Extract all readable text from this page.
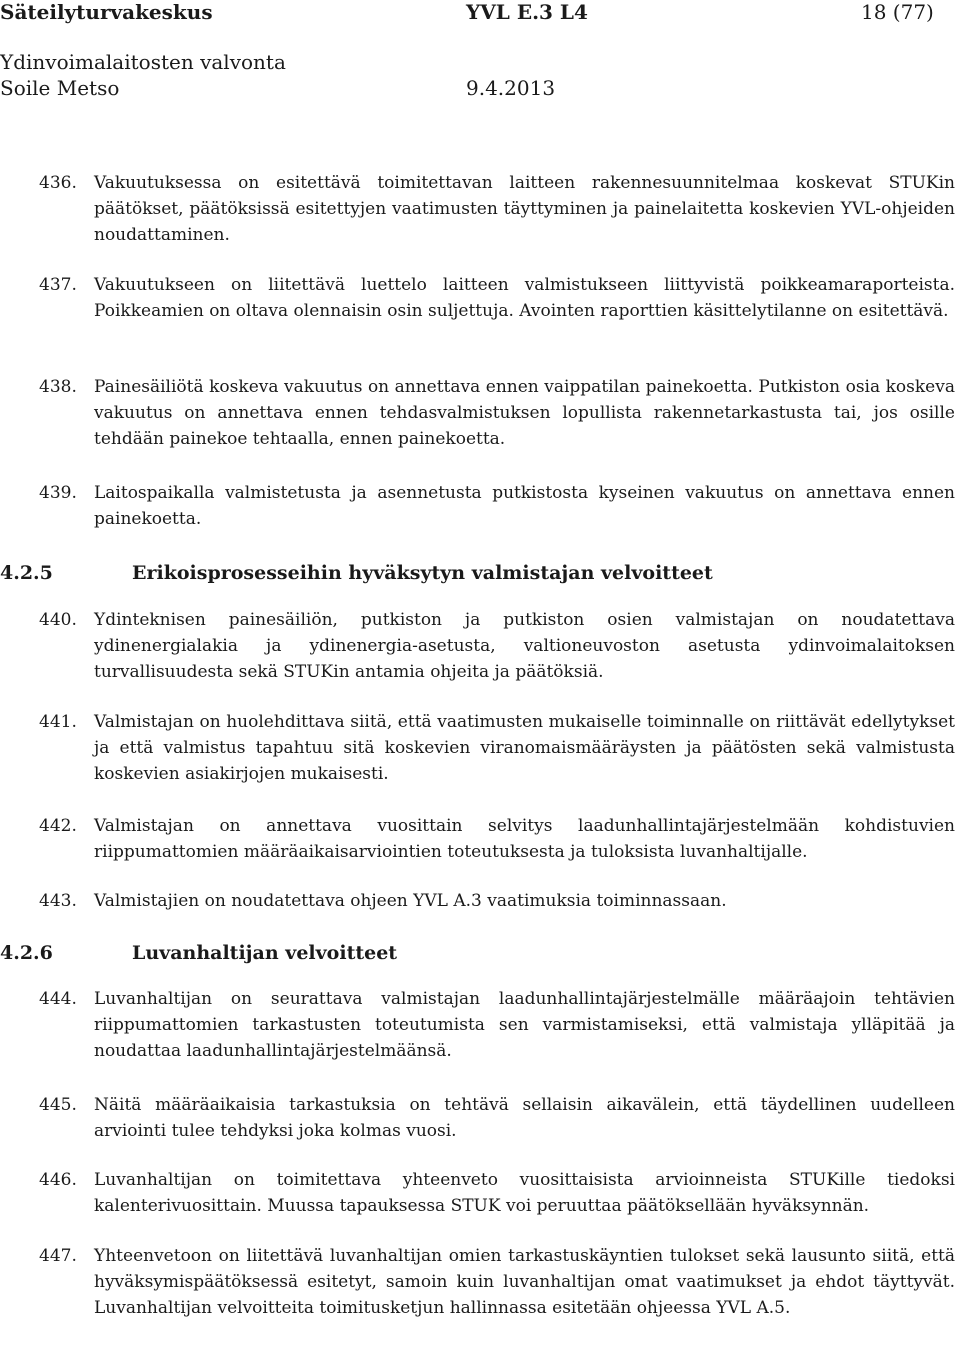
Säteilyturvakeskus	YVL E.3 L4	18 (77)
Ydinvoimalaitosten valvonta
Soile Metso	9.4.2013
436. Vakuutuksessa on esitettävä toimitettavan laitteen rakennesuunnitelmaa koskevat STUKin päätökset, päätöksissä esitettyjen vaatimusten täyttyminen ja painelaitetta koskevien YVL-ohjeiden noudattaminen.
437. Vakuutukseen on liitettävä luettelo laitteen valmistukseen liittyvistä poikkeamaraporteista. Poikkeamien on oltava olennaisin osin suljettuja. Avointen raporttien käsittelytilanne on esitettävä.
438. Painesäiliötä koskeva vakuutus on annettava ennen vaippatilan painekoetta. Putkiston osia koskeva vakuutus on annettava ennen tehdasvalmistuksen lopullista rakennetarkastusta tai, jos osille tehdään painekoe tehtaalla, ennen painekoetta.
439. Laitospaikalla valmistetusta ja asennetusta putkistosta kyseinen vakuutus on annettava ennen painekoetta.
4.2.5	Erikoisprosesseihin hyväksytyn valmistajan velvoitteet
440. Ydinteknisen painesäiliön, putkiston ja putkiston osien valmistajan on noudatettava ydinenergialakia ja ydinenergia-asetusta, valtioneuvoston asetusta ydinvoimalaitoksen turvallisuudesta sekä STUKin antamia ohjeita ja päätöksiä.
441. Valmistajan on huolehdittava siitä, että vaatimusten mukaiselle toiminnalle on riittävät edellytykset ja että valmistus tapahtuu sitä koskevien viranomaismääräysten ja päätösten sekä valmistusta koskevien asiakirjojen mukaisesti.
442. Valmistajan on annettava vuosittain selvitys laadunhallintajärjestelmään kohdistuvien riippumattomien määräaikaisarviointien toteutuksesta ja tuloksista luvanhaltijalle.
443. Valmistajien on noudatettava ohjeen YVL A.3 vaatimuksia toiminnassaan.
4.2.6	Luvanhaltijan velvoitteet
444. Luvanhaltijan on seurattava valmistajan laadunhallintajärjestelmälle määräajoin tehtävien riippumattomien tarkastusten toteutumista sen varmistamiseksi, että valmistaja ylläpitää ja noudattaa laadunhallintajärjestelmäänsä.
445. Näitä määräaikaisia tarkastuksia on tehtävä sellaisin aikavälein, että täydellinen uudelleen arviointi tulee tehdyksi joka kolmas vuosi.
446. Luvanhaltijan on toimitettava yhteenveto vuosittaisista arvioinneista STUKille tiedoksi kalenterivuosittain. Muussa tapauksessa STUK voi peruuttaa päätöksellään hyväksynnän.
447. Yhteenvetoon on liitettävä luvanhaltijan omien tarkastuskäyntien tulokset sekä lausunto siitä, että hyväksymispäätöksessä esitetyt, samoin kuin luvanhaltijan omat vaatimukset ja ehdot täyttyvät. Luvanhaltijan velvoitteita toimitusketjun hallinnassa esitetään ohjeessa YVL A.5.
